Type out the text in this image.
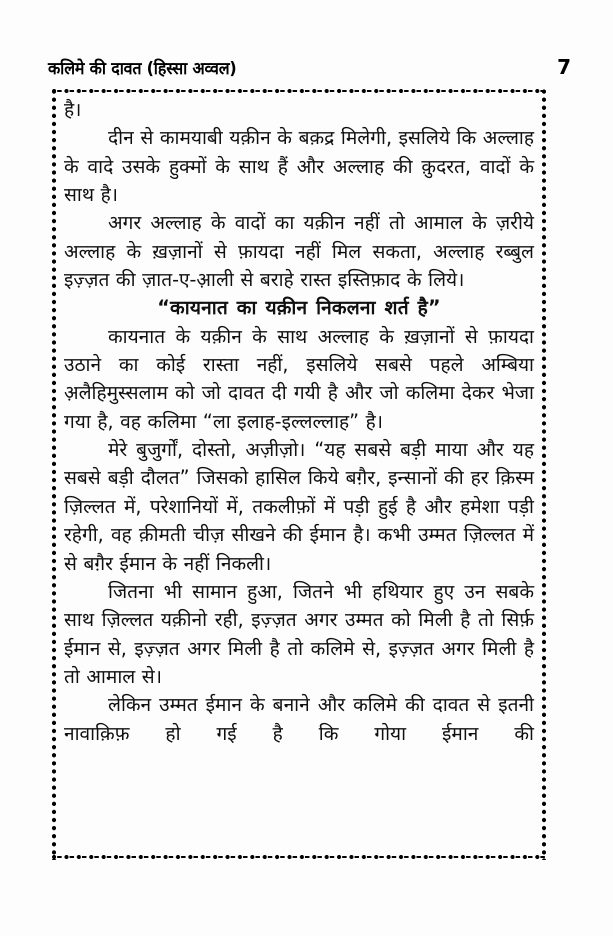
कलिमे की दावत (हिस्सा अव्वल)	7

है।

दीन से कामयाबी यक़ीन के बक़द्र मिलेगी, इसलिये कि अल्लाह के वादे उसके हुक्मों के साथ हैं और अल्लाह की क़ुदरत, वादों के साथ है।

अगर अल्लाह के वादों का यक़ीन नहीं तो आमाल के ज़रीये अल्लाह के ख़ज़ानों से फ़ायदा नहीं मिल सकता, अल्लाह रब्बुल इज़्ज़त की ज़ात-ए-आ़ली से बराहे रास्त इस्तिफ़ाद के लिये।

“कायनात का यक़ीन निकलना शर्त है”

कायनात के यक़ीन के साथ अल्लाह के ख़ज़ानों से फ़ायदा उठाने का कोई रास्ता नहीं, इसलिये सबसे पहले अम्बिया अ़लैहिमुस्सलाम को जो दावत दी गयी है और जो कलिमा देकर भेजा गया है, वह कलिमा “ला इलाह-इल्लल्लाह” है।

मेरे बुजुर्गों, दोस्तो, अज़ीज़ो। “यह सबसे बड़ी माया और यह सबसे बड़ी दौलत” जिसको हासिल किये बग़ैर, इन्सानों की हर क़िस्म ज़िल्लत में, परेशानियों में, तकलीफ़ों में पड़ी हुई है और हमेशा पड़ी रहेगी, वह क़ीमती चीज़ सीखने की ईमान है। कभी उम्मत ज़िल्लत में से बग़ैर ईमान के नहीं निकली।

जितना भी सामान हुआ, जितने भी हथियार हुए उन सबके साथ ज़िल्लत यक़ीनो रही, इज़्ज़त अगर उम्मत को मिली है तो सिर्फ़ ईमान से, इज़्ज़त अगर मिली है तो कलिमे से, इज़्ज़त अगर मिली है तो आमाल से।

लेकिन उम्मत ईमान के बनाने और कलिमे की दावत से इतनी नावाक़िफ़ हो गई है कि गोया ईमान की
